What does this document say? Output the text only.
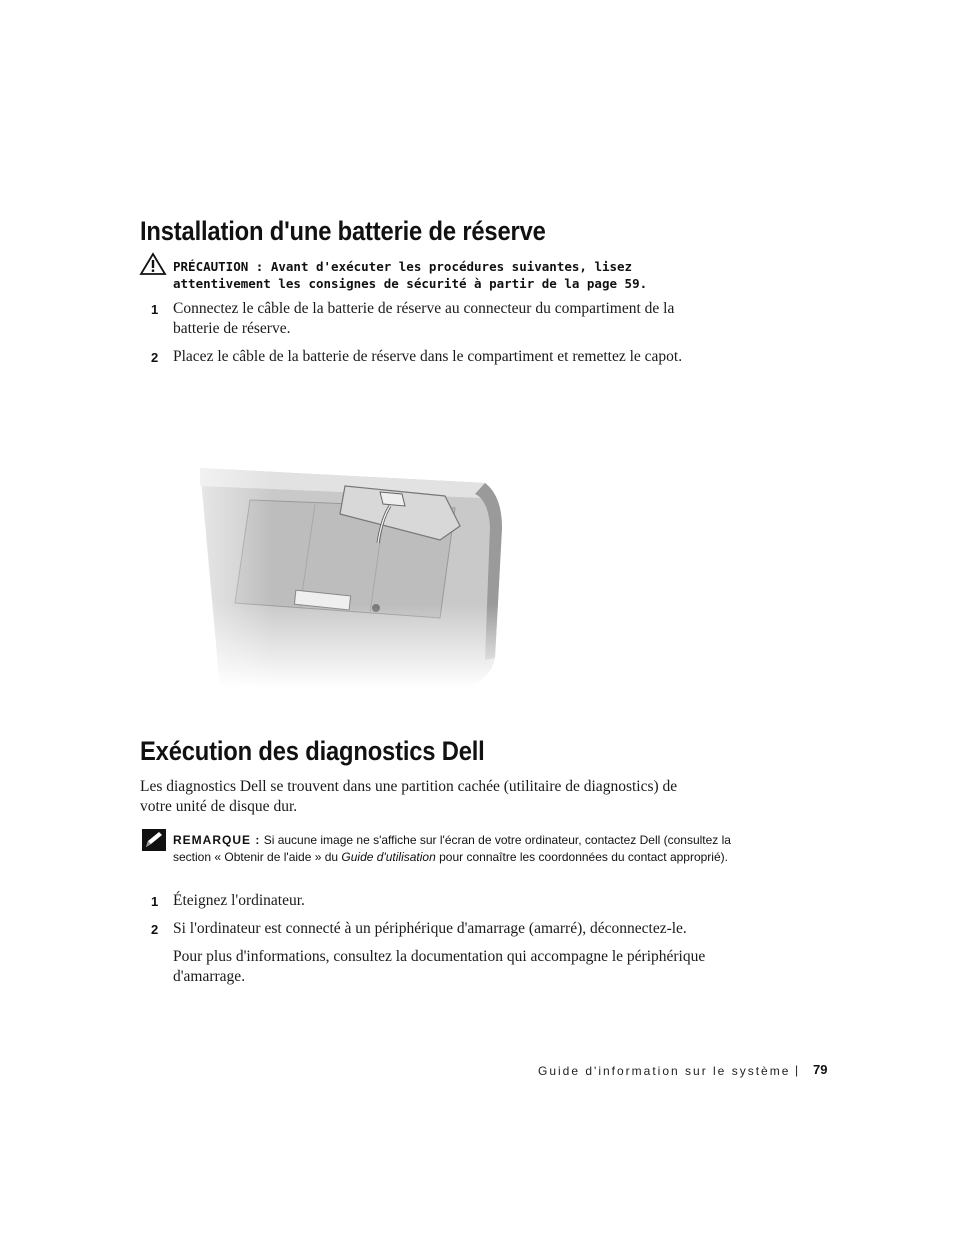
Installation d'une batterie de réserve
PRÉCAUTION : Avant d'exécuter les procédures suivantes, lisez attentivement les consignes de sécurité à partir de la page 59.
1 Connectez le câble de la batterie de réserve au connecteur du compartiment de la batterie de réserve.
2 Placez le câble de la batterie de réserve dans le compartiment et remettez le capot.
Exécution des diagnostics Dell
Les diagnostics Dell se trouvent dans une partition cachée (utilitaire de diagnostics) de votre unité de disque dur.
REMARQUE : Si aucune image ne s'affiche sur l'écran de votre ordinateur, contactez Dell (consultez la section « Obtenir de l'aide » du Guide d'utilisation pour connaître les coordonnées du contact approprié).
1 Éteignez l'ordinateur.
2 Si l'ordinateur est connecté à un périphérique d'amarrage (amarré), déconnectez-le.
Pour plus d'informations, consultez la documentation qui accompagne le périphérique d'amarrage.
Guide d'information sur le système | 79
